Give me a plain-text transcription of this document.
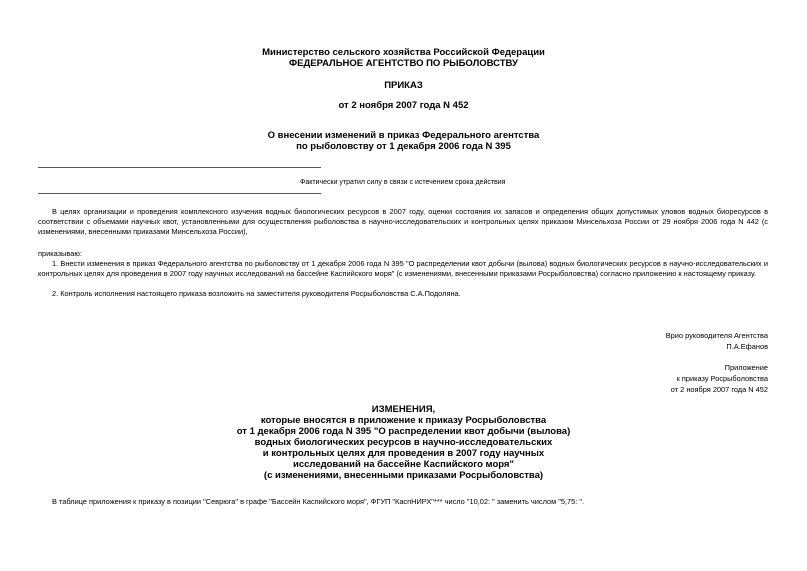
Министерство сельского хозяйства Российской Федерации
ФЕДЕРАЛЬНОЕ АГЕНТСТВО ПО РЫБОЛОВСТВУ
ПРИКАЗ
от 2 ноября 2007 года N 452
О внесении изменений в приказ Федерального агентства
по рыболовству от 1 декабря 2006 года N 395
Фактически утратил силу в связи с истечением срока действия
В целях организации и проведения комплексного изучения водных биологических ресурсов в 2007 году, оценки состояния их запасов и определения общих допустимых уловов водных биоресурсов в соответствии с объемами научных квот, установленными для осуществления рыболовства в научно-исследовательских и контрольных целях приказом Минсельхоза России от 29 ноября 2006 года N 442 (с изменениями, внесенными приказами Минсельхоза России),
приказываю:
1. Внести изменения в приказ Федерального агентства по рыболовству от 1 декабря 2006 года N 395 "О распределении квот добычи (вылова) водных биологических ресурсов в научно-исследовательских и контрольных целях для проведения в 2007 году научных исследований на бассейне Каспийского моря" (с изменениями, внесенными приказами Росрыболовства) согласно приложению к настоящему приказу.
2. Контроль исполнения настоящего приказа возложить на заместителя руководителя Росрыболовства С.А.Подоляна.
Врио руководителя Агентства
П.А.Ефанов
Приложение
к приказу Росрыболовства
от 2 ноября 2007 года N 452
ИЗМЕНЕНИЯ,
которые вносятся в приложение к приказу Росрыболовства
от 1 декабря 2006 года N 395 "О распределении квот добычи (вылова)
водных биологических ресурсов в научно-исследовательских
и контрольных целях для проведения в 2007 году научных
исследований на бассейне Каспийского моря"
(с изменениями, внесенными приказами Росрыболовства)
В таблице приложения к приказу в позиции "Севрюга" в графе "Бассейн Каспийского моря", ФГУП "КаспНИРХ"*** число "10,02: " заменить числом "5,75: ".
